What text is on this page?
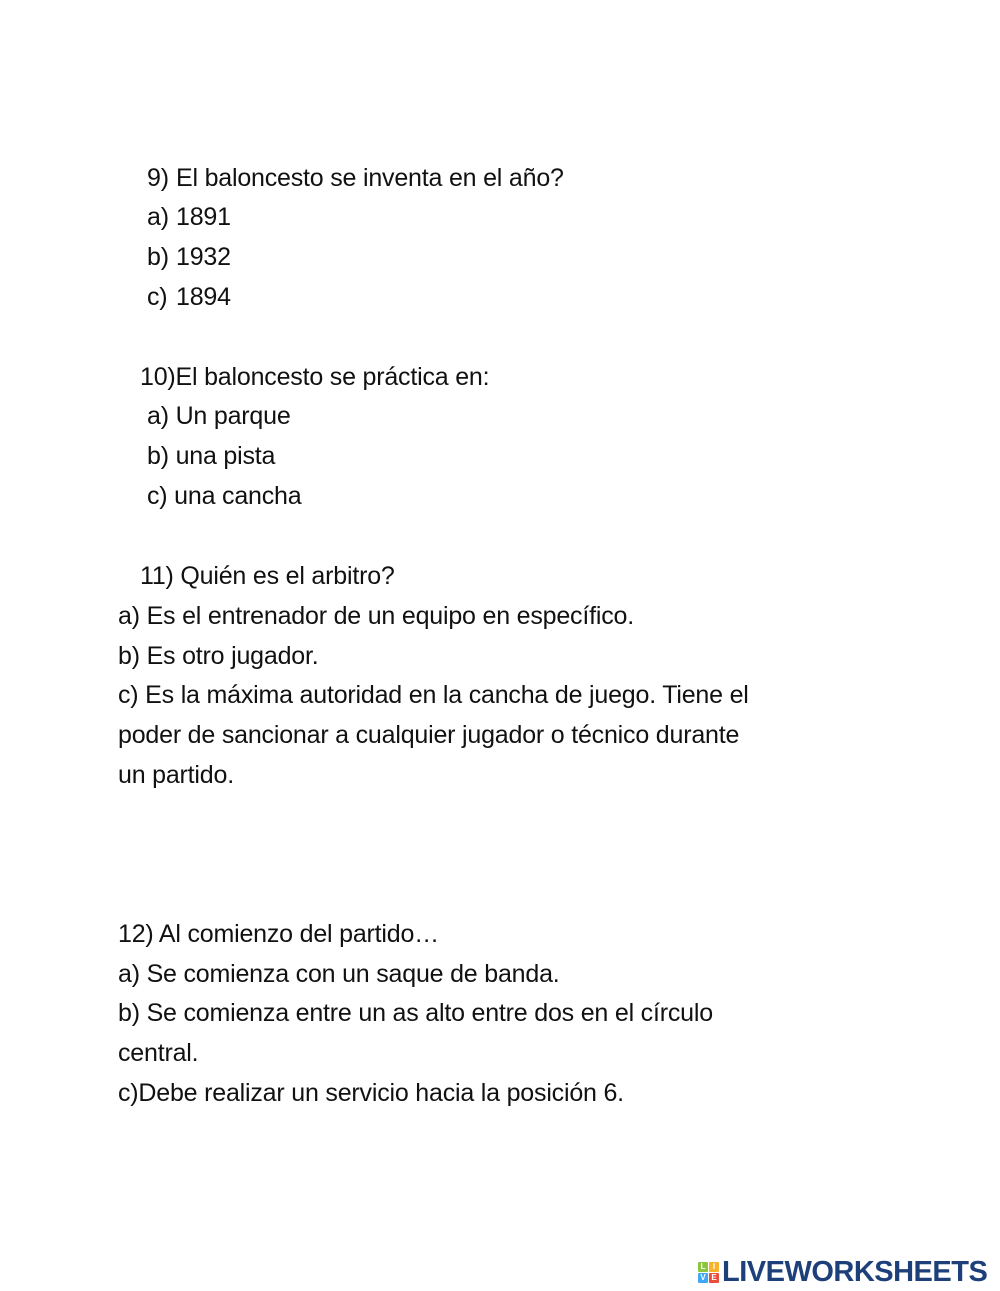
9) El baloncesto se inventa en el año?
a) 1891
b) 1932
c) 1894
10)El baloncesto se práctica en:
a) Un parque
b) una pista
c) una cancha
11) Quién es el arbitro?
a) Es el entrenador de un equipo en específico.
b) Es otro jugador.
c) Es la máxima autoridad en la cancha de juego. Tiene el
poder de sancionar a cualquier jugador o técnico durante
un partido.
12) Al comienzo del partido…
a) Se comienza con un saque de banda.
b) Se comienza entre un as alto entre dos en el círculo
central.
c)Debe realizar un servicio hacia la posición 6.
L I
V E LIVEWORKSHEETS
